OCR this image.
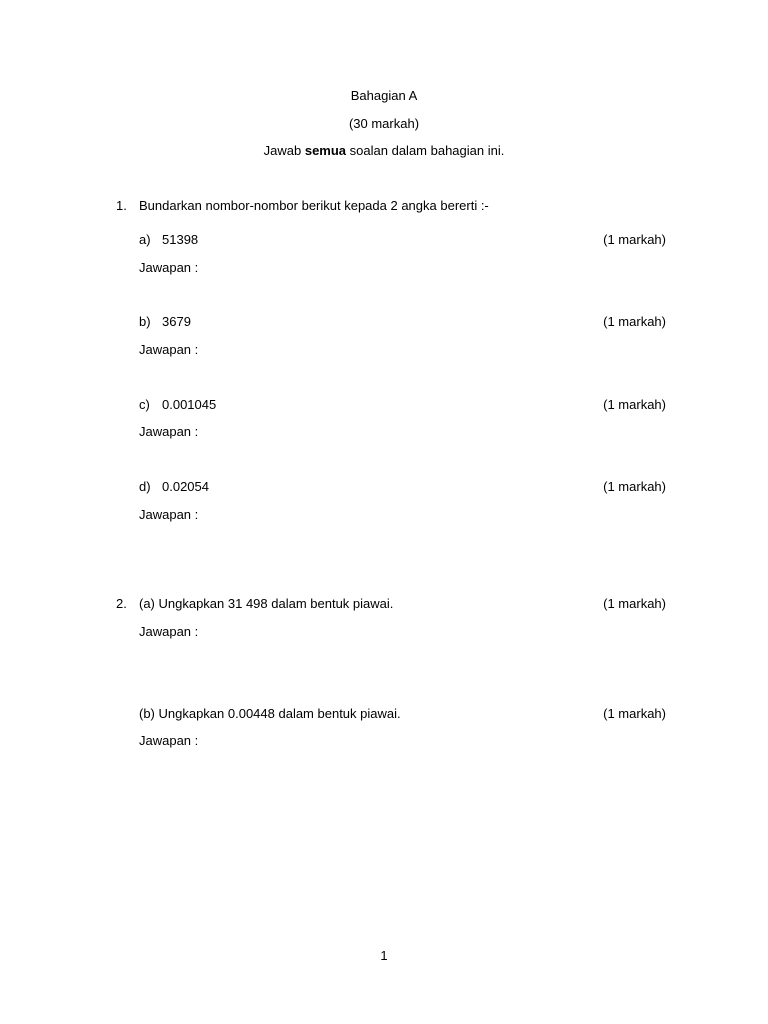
Bahagian A
(30 markah)
Jawab semua soalan dalam bahagian ini.
1. Bundarkan nombor-nombor berikut kepada 2 angka bererti :-
a) 51398	(1 markah)
Jawapan :
b) 3679	(1 markah)
Jawapan :
c) 0.001045	(1 markah)
Jawapan :
d) 0.02054	(1 markah)
Jawapan :
2. (a) Ungkapkan 31 498 dalam bentuk piawai.	(1 markah)
Jawapan :
(b) Ungkapkan 0.00448 dalam bentuk piawai.	(1 markah)
Jawapan :
1
